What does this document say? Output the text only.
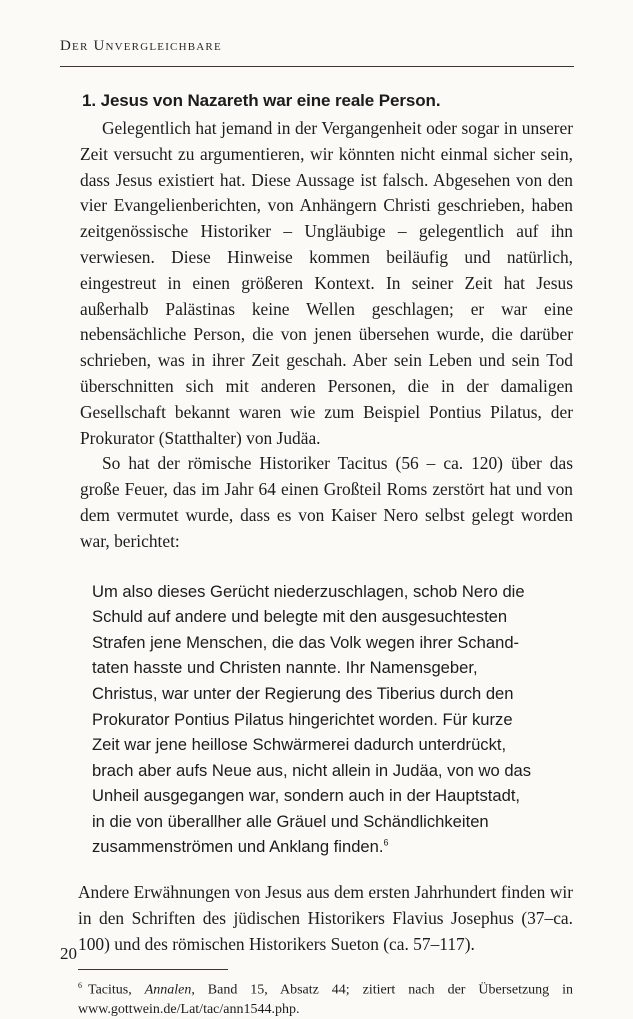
Der Unvergleichbare
1. Jesus von Nazareth war eine reale Person.

Gelegentlich hat jemand in der Vergangenheit oder sogar in unserer Zeit versucht zu argumentieren, wir könnten nicht einmal sicher sein, dass Jesus existiert hat. Diese Aussage ist falsch. Abgesehen von den vier Evangelienberichten, von Anhängern Christi geschrieben, haben zeitgenössische Historiker – Ungläubige – gelegentlich auf ihn verwiesen. Diese Hinweise kommen beiläufig und natürlich, eingestreut in einen größeren Kontext. In seiner Zeit hat Jesus außerhalb Palästinas keine Wellen geschlagen; er war eine nebensächliche Person, die von jenen übersehen wurde, die darüber schrieben, was in ihrer Zeit geschah. Aber sein Leben und sein Tod überschnitten sich mit anderen Personen, die in der damaligen Gesellschaft bekannt waren wie zum Beispiel Pontius Pilatus, der Prokurator (Statthalter) von Judäa.

So hat der römische Historiker Tacitus (56 – ca. 120) über das große Feuer, das im Jahr 64 einen Großteil Roms zerstört hat und von dem vermutet wurde, dass es von Kaiser Nero selbst gelegt worden war, berichtet:

Um also dieses Gerücht niederzuschlagen, schob Nero die
Schuld auf andere und belegte mit den ausgesuchtesten
Strafen jene Menschen, die das Volk wegen ihrer Schand-
taten hasste und Christen nannte. Ihr Namensgeber,
Christus, war unter der Regierung des Tiberius durch den
Prokurator Pontius Pilatus hingerichtet worden. Für kurze
Zeit war jene heillose Schwärmerei dadurch unterdrückt,
brach aber aufs Neue aus, nicht allein in Judäa, von wo das
Unheil ausgegangen war, sondern auch in der Hauptstadt,
in die von überallher alle Gräuel und Schändlichkeiten
zusammenströmen und Anklang finden.$^6$

Andere Erwähnungen von Jesus aus dem ersten Jahrhundert finden wir in den Schriften des jüdischen Historikers Flavius Josephus (37–ca. 100) und des römischen Historikers Sueton (ca. 57–117).

$^6$ Tacitus, Annalen, Band 15, Absatz 44; zitiert nach der Übersetzung in www.gottwein.de/Lat/tac/ann1544.php.
20
